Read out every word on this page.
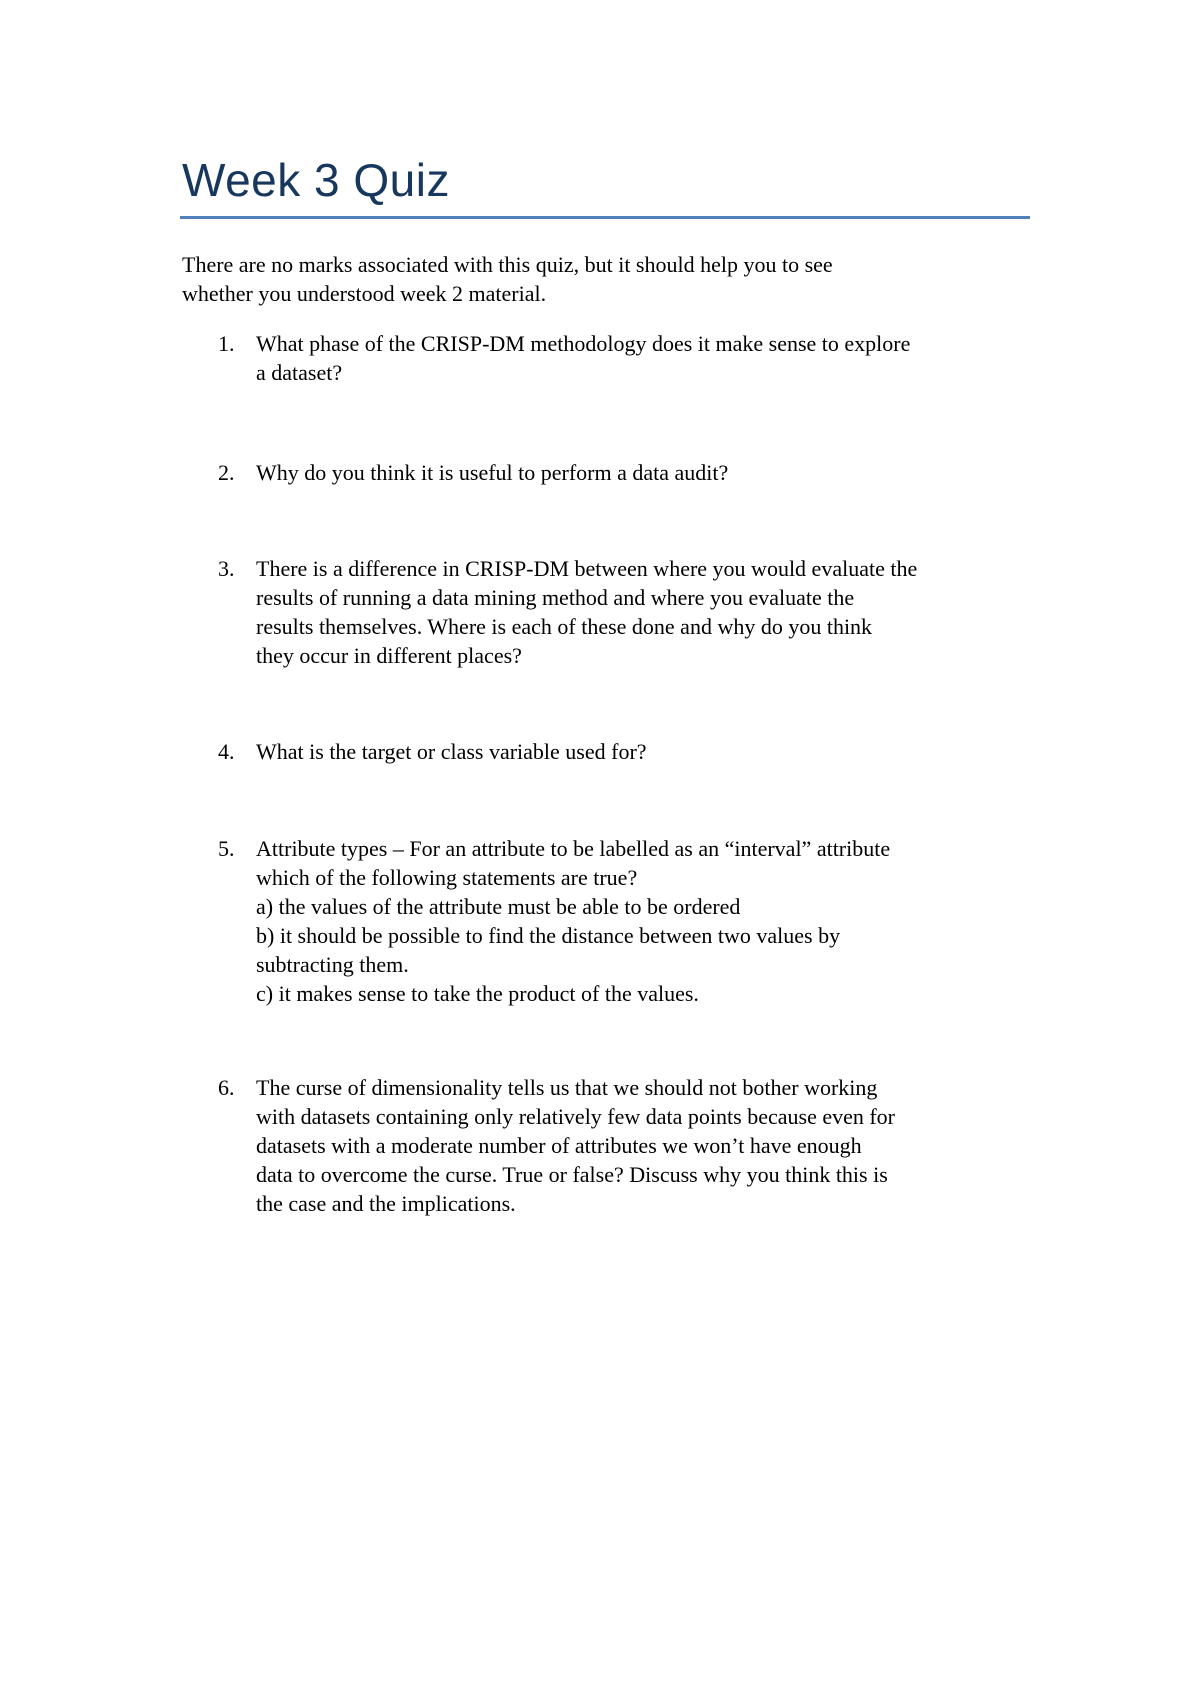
Week 3 Quiz

There are no marks associated with this quiz, but it should help you to see
whether you understood week 2 material.

1. What phase of the CRISP-DM methodology does it make sense to explore
a dataset?
2. Why do you think it is useful to perform a data audit?
3. There is a difference in CRISP-DM between where you would evaluate the
results of running a data mining method and where you evaluate the
results themselves. Where is each of these done and why do you think
they occur in different places?
4. What is the target or class variable used for?
5. Attribute types – For an attribute to be labelled as an “interval” attribute
which of the following statements are true?
a) the values of the attribute must be able to be ordered
b) it should be possible to find the distance between two values by
subtracting them.
c) it makes sense to take the product of the values.
6. The curse of dimensionality tells us that we should not bother working
with datasets containing only relatively few data points because even for
datasets with a moderate number of attributes we won’t have enough
data to overcome the curse. True or false? Discuss why you think this is
the case and the implications.
